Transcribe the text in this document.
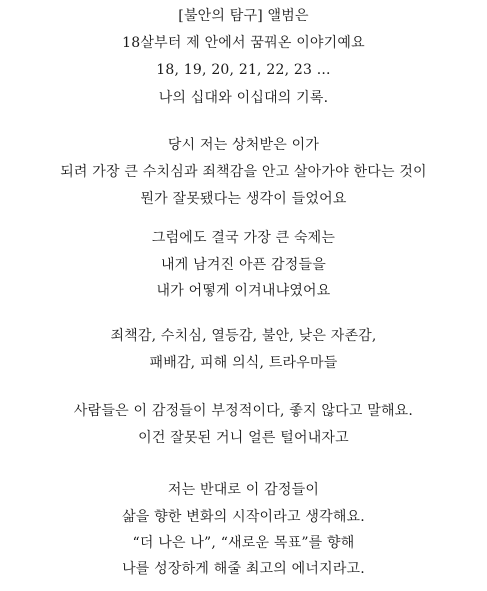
[불안의 탐구] 앨범은
18살부터 제 안에서 꿈꿔온 이야기예요
18, 19, 20, 21, 22, 23 ...
나의 십대와 이십대의 기록.
당시 저는 상처받은 이가
되려 가장 큰 수치심과 죄책감을 안고 살아가야 한다는 것이
뭔가 잘못됐다는 생각이 들었어요
그럼에도 결국 가장 큰 숙제는
내게 남겨진 아픈 감정들을
내가 어떻게 이겨내냐였어요
죄책감, 수치심, 열등감, 불안, 낮은 자존감,
패배감, 피해 의식, 트라우마들
사람들은 이 감정들이 부정적이다, 좋지 않다고 말해요.
이건 잘못된 거니 얼른 털어내자고
저는 반대로 이 감정들이
삶을 향한 변화의 시작이라고 생각해요.
“더 나은 나”, “새로운 목표”를 향해
나를 성장하게 해줄 최고의 에너지라고.
